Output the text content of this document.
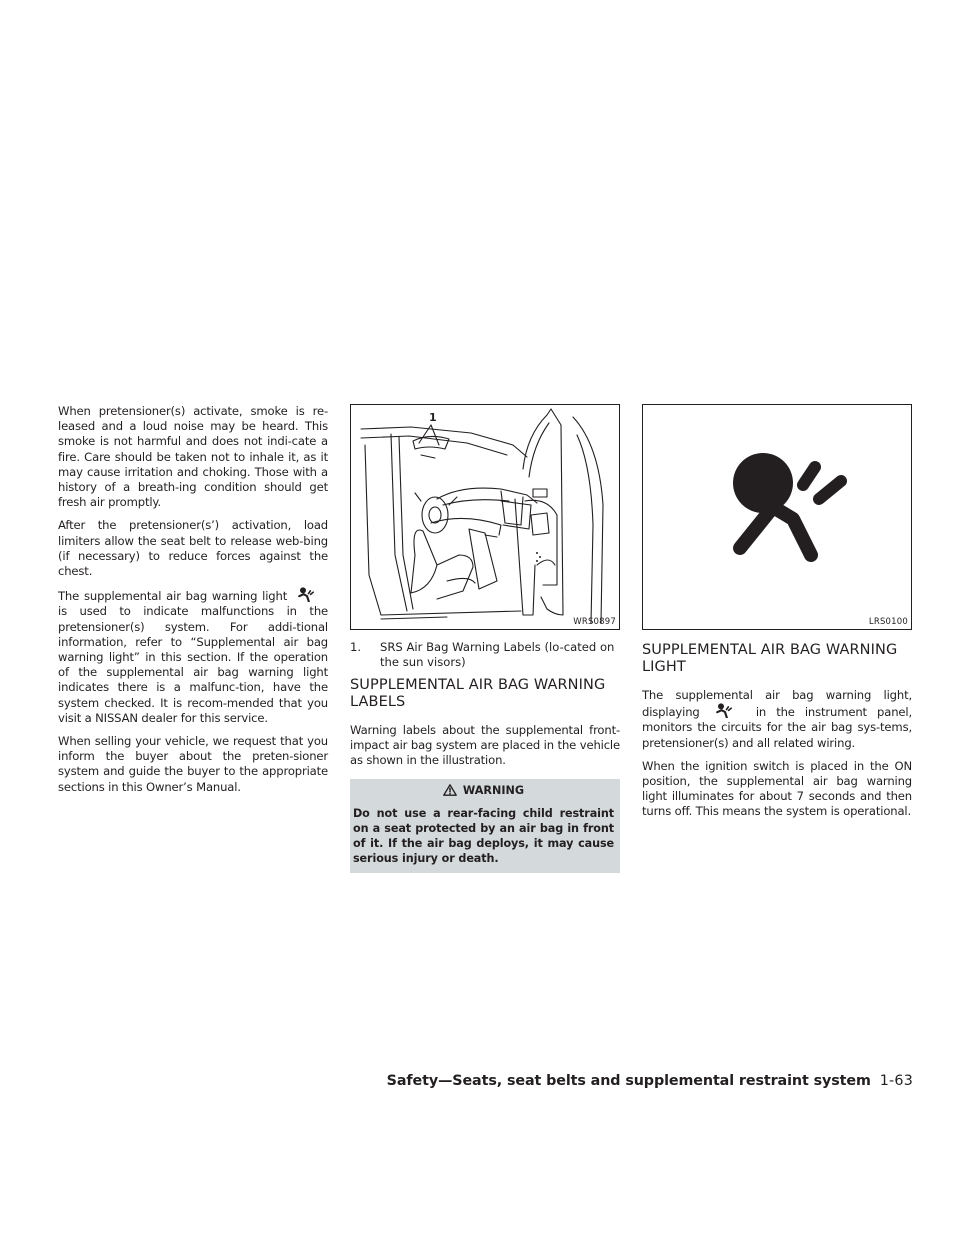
When pretensioner(s) activate, smoke is re-leased and a loud noise may be heard. This smoke is not harmful and does not indi-cate a fire. Care should be taken not to inhale it, as it may cause irritation and choking. Those with a history of a breath-ing condition should get fresh air promptly.

After the pretensioner(s’) activation, load limiters allow the seat belt to release web-bing (if necessary) to reduce forces against the chest.

The supplemental air bag warning light  is used to indicate malfunctions in the pretensioner(s) system. For addi-tional information, refer to “Supplemental air bag warning light” in this section. If the operation of the supplemental air bag warning light indicates there is a malfunc-tion, have the system checked. It is recom-mended that you visit a NISSAN dealer for this service.

When selling your vehicle, we request that you inform the buyer about the preten-sioner system and guide the buyer to the appropriate sections in this Owner’s Manual.

1
WRS0897
1.	SRS Air Bag Warning Labels (lo-cated on the sun visors)
SUPPLEMENTAL AIR BAG WARNING LABELS

Warning labels about the supplemental front-impact air bag system are placed in the vehicle as shown in the illustration.

WARNING
Do not use a rear-facing child restraint on a seat protected by an air bag in front of it. If the air bag deploys, it may cause serious injury or death.
LRS0100
SUPPLEMENTAL AIR BAG WARNING LIGHT

The supplemental air bag warning light, displaying	in the instrument panel, monitors the circuits for the air bag sys-tems, pretensioner(s) and all related wiring.

When the ignition switch is placed in the ON position, the supplemental air bag warning light illuminates for about 7 seconds and then turns off. This means the system is operational.

Safety—Seats, seat belts and supplemental restraint system 1-63
